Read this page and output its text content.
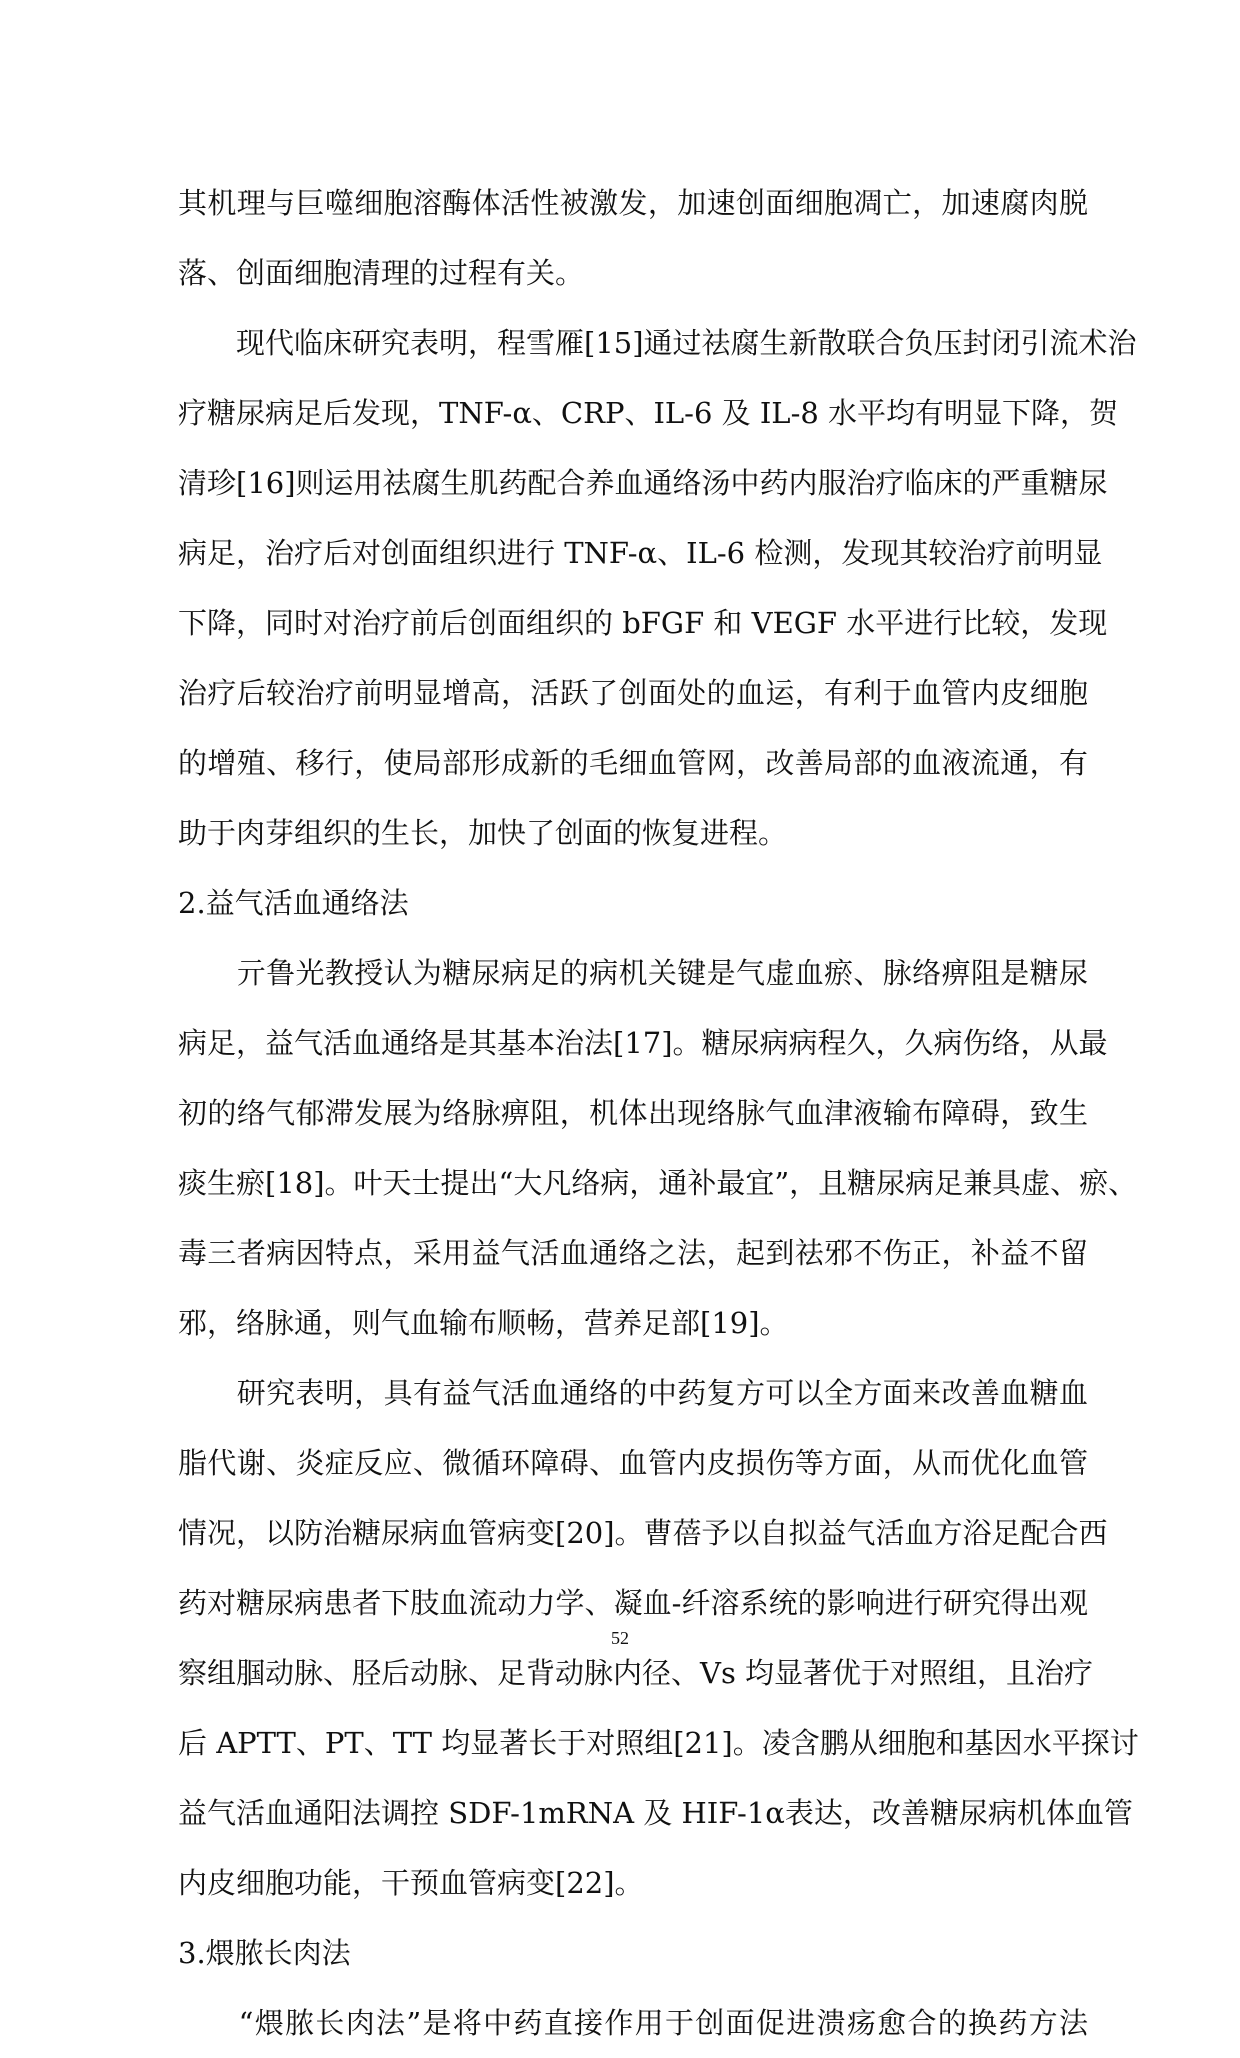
其机理与巨噬细胞溶酶体活性被激发，加速创面细胞凋亡，加速腐肉脱
落、创面细胞清理的过程有关。
　　现代临床研究表明，程雪雁[15]通过祛腐生新散联合负压封闭引流术治
疗糖尿病足后发现，TNF-α、CRP、IL-6 及 IL-8 水平均有明显下降，贺
清珍[16]则运用祛腐生肌药配合养血通络汤中药内服治疗临床的严重糖尿
病足，治疗后对创面组织进行 TNF-α、IL-6 检测，发现其较治疗前明显
下降，同时对治疗前后创面组织的 bFGF 和 VEGF 水平进行比较，发现
治疗后较治疗前明显增高，活跃了创面处的血运，有利于血管内皮细胞
的增殖、移行，使局部形成新的毛细血管网，改善局部的血液流通，有
助于肉芽组织的生长，加快了创面的恢复进程。
2.益气活血通络法
　　亓鲁光教授认为糖尿病足的病机关键是气虚血瘀、脉络痹阻是糖尿
病足，益气活血通络是其基本治法[17]。糖尿病病程久，久病伤络，从最
初的络气郁滞发展为络脉痹阻，机体出现络脉气血津液输布障碍，致生
痰生瘀[18]。叶天士提出“大凡络病，通补最宜”，且糖尿病足兼具虚、瘀、
毒三者病因特点，采用益气活血通络之法，起到祛邪不伤正，补益不留
邪，络脉通，则气血输布顺畅，营养足部[19]。
　　研究表明，具有益气活血通络的中药复方可以全方面来改善血糖血
脂代谢、炎症反应、微循环障碍、血管内皮损伤等方面，从而优化血管
情况，以防治糖尿病血管病变[20]。曹蓓予以自拟益气活血方浴足配合西
药对糖尿病患者下肢血流动力学、凝血-纤溶系统的影响进行研究得出观
察组腘动脉、胫后动脉、足背动脉内径、Vs 均显著优于对照组，且治疗
后 APTT、PT、TT 均显著长于对照组[21]。凌含鹏从细胞和基因水平探讨
益气活血通阳法调控 SDF-1mRNA 及 HIF-1α表达，改善糖尿病机体血管
内皮细胞功能，干预血管病变[22]。
3.煨脓长肉法
　　“煨脓长肉法”是将中药直接作用于创面促进溃疡愈合的换药方法
52
